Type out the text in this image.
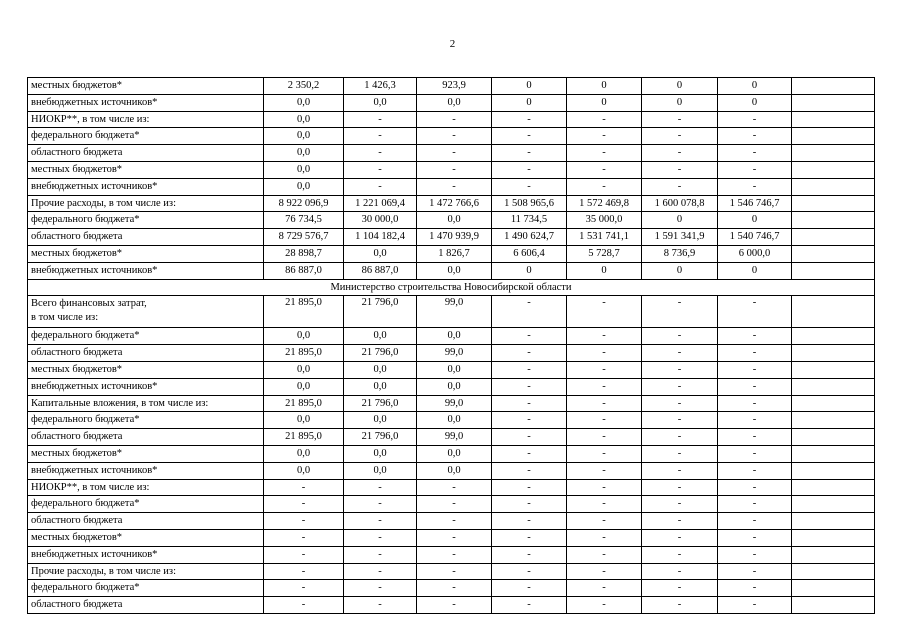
2
местных бюджетов*	2 350,2	1 426,3	923,9	0	0	0	0	
внебюджетных источников*	0,0	0,0	0,0	0	0	0	0	
НИОКР**, в том числе из:	0,0	-	-	-	-	-	-	
федерального бюджета*	0,0	-	-	-	-	-	-	
областного бюджета	0,0	-	-	-	-	-	-	
местных бюджетов*	0,0	-	-	-	-	-	-	
внебюджетных источников*	0,0	-	-	-	-	-	-	
Прочие расходы, в том числе из:	8 922 096,9	1 221 069,4	1 472 766,6	1 508 965,6	1 572 469,8	1 600 078,8	1 546 746,7	
федерального бюджета*	76 734,5	30 000,0	0,0	11 734,5	35 000,0	0	0	
областного бюджета	8 729 576,7	1 104 182,4	1 470 939,9	1 490 624,7	1 531 741,1	1 591 341,9	1 540 746,7	
местных бюджетов*	28 898,7	0,0	1 826,7	6 606,4	5 728,7	8 736,9	6 000,0	
внебюджетных источников*	86 887,0	86 887,0	0,0	0	0	0	0	
Министерство строительства Новосибирской области								

Всего финансовых затрат,
в том числе из:	21 895,0	21 796,0	99,0	-	-	-	-	
федерального бюджета*	0,0	0,0	0,0	-	-	-	-	
областного бюджета	21 895,0	21 796,0	99,0	-	-	-	-	
местных бюджетов*	0,0	0,0	0,0	-	-	-	-	
внебюджетных источников*	0,0	0,0	0,0	-	-	-	-	
Капитальные вложения, в том числе из:	21 895,0	21 796,0	99,0	-	-	-	-	
федерального бюджета*	0,0	0,0	0,0	-	-	-	-	
областного бюджета	21 895,0	21 796,0	99,0	-	-	-	-	
местных бюджетов*	0,0	0,0	0,0	-	-	-	-	
внебюджетных источников*	0,0	0,0	0,0	-	-	-	-	
НИОКР**, в том числе из:	-	-	-	-	-	-	-	
федерального бюджета*	-	-	-	-	-	-	-	
областного бюджета	-	-	-	-	-	-	-	
местных бюджетов*	-	-	-	-	-	-	-	
внебюджетных источников*	-	-	-	-	-	-	-	
Прочие расходы, в том числе из:	-	-	-	-	-	-	-	
федерального бюджета*	-	-	-	-	-	-	-	
областного бюджета	-	-	-	-	-	-	-	
